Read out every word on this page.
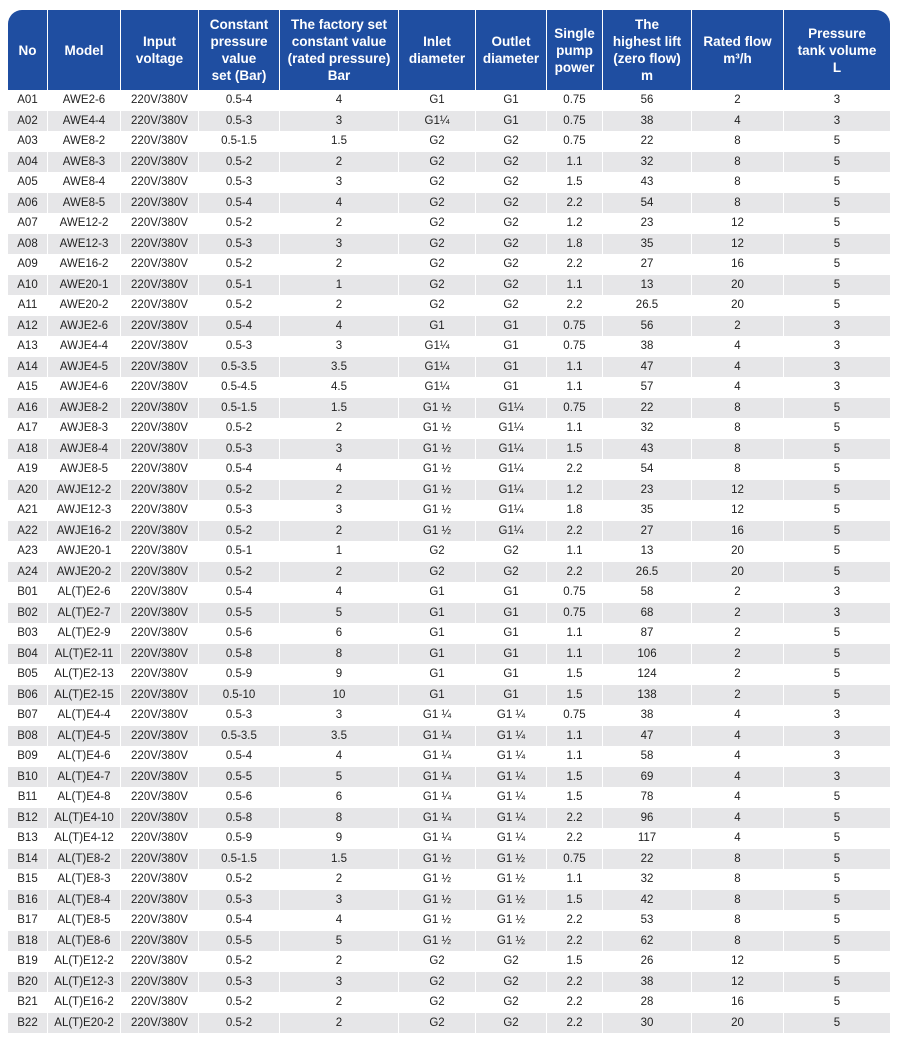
No	Model	Input
voltage	Constant
pressure
value
set (Bar)	The factory set
constant value
(rated pressure)
Bar	Inlet
diameter	Outlet
diameter	Single
pump
power	The
highest lift
(zero flow)
m	Rated flow
m³/h	Pressure
tank volume
L

A01	AWE2-6	220V/380V	0.5-4	4	G1	G1	0.75	56	2	3
A02	AWE4-4	220V/380V	0.5-3	3	G1¼	G1	0.75	38	4	3
A03	AWE8-2	220V/380V	0.5-1.5	1.5	G2	G2	0.75	22	8	5
A04	AWE8-3	220V/380V	0.5-2	2	G2	G2	1.1	32	8	5
A05	AWE8-4	220V/380V	0.5-3	3	G2	G2	1.5	43	8	5
A06	AWE8-5	220V/380V	0.5-4	4	G2	G2	2.2	54	8	5
A07	AWE12-2	220V/380V	0.5-2	2	G2	G2	1.2	23	12	5
A08	AWE12-3	220V/380V	0.5-3	3	G2	G2	1.8	35	12	5
A09	AWE16-2	220V/380V	0.5-2	2	G2	G2	2.2	27	16	5
A10	AWE20-1	220V/380V	0.5-1	1	G2	G2	1.1	13	20	5
A11	AWE20-2	220V/380V	0.5-2	2	G2	G2	2.2	26.5	20	5
A12	AWJE2-6	220V/380V	0.5-4	4	G1	G1	0.75	56	2	3
A13	AWJE4-4	220V/380V	0.5-3	3	G1¼	G1	0.75	38	4	3
A14	AWJE4-5	220V/380V	0.5-3.5	3.5	G1¼	G1	1.1	47	4	3
A15	AWJE4-6	220V/380V	0.5-4.5	4.5	G1¼	G1	1.1	57	4	3
A16	AWJE8-2	220V/380V	0.5-1.5	1.5	G1 ½	G1¼	0.75	22	8	5
A17	AWJE8-3	220V/380V	0.5-2	2	G1 ½	G1¼	1.1	32	8	5
A18	AWJE8-4	220V/380V	0.5-3	3	G1 ½	G1¼	1.5	43	8	5
A19	AWJE8-5	220V/380V	0.5-4	4	G1 ½	G1¼	2.2	54	8	5
A20	AWJE12-2	220V/380V	0.5-2	2	G1 ½	G1¼	1.2	23	12	5
A21	AWJE12-3	220V/380V	0.5-3	3	G1 ½	G1¼	1.8	35	12	5
A22	AWJE16-2	220V/380V	0.5-2	2	G1 ½	G1¼	2.2	27	16	5
A23	AWJE20-1	220V/380V	0.5-1	1	G2	G2	1.1	13	20	5
A24	AWJE20-2	220V/380V	0.5-2	2	G2	G2	2.2	26.5	20	5
B01	AL(T)E2-6	220V/380V	0.5-4	4	G1	G1	0.75	58	2	3
B02	AL(T)E2-7	220V/380V	0.5-5	5	G1	G1	0.75	68	2	3
B03	AL(T)E2-9	220V/380V	0.5-6	6	G1	G1	1.1	87	2	5
B04	AL(T)E2-11	220V/380V	0.5-8	8	G1	G1	1.1	106	2	5
B05	AL(T)E2-13	220V/380V	0.5-9	9	G1	G1	1.5	124	2	5
B06	AL(T)E2-15	220V/380V	0.5-10	10	G1	G1	1.5	138	2	5
B07	AL(T)E4-4	220V/380V	0.5-3	3	G1 ¼	G1 ¼	0.75	38	4	3
B08	AL(T)E4-5	220V/380V	0.5-3.5	3.5	G1 ¼	G1 ¼	1.1	47	4	3
B09	AL(T)E4-6	220V/380V	0.5-4	4	G1 ¼	G1 ¼	1.1	58	4	3
B10	AL(T)E4-7	220V/380V	0.5-5	5	G1 ¼	G1 ¼	1.5	69	4	3
B11	AL(T)E4-8	220V/380V	0.5-6	6	G1 ¼	G1 ¼	1.5	78	4	5
B12	AL(T)E4-10	220V/380V	0.5-8	8	G1 ¼	G1 ¼	2.2	96	4	5
B13	AL(T)E4-12	220V/380V	0.5-9	9	G1 ¼	G1 ¼	2.2	117	4	5
B14	AL(T)E8-2	220V/380V	0.5-1.5	1.5	G1 ½	G1 ½	0.75	22	8	5
B15	AL(T)E8-3	220V/380V	0.5-2	2	G1 ½	G1 ½	1.1	32	8	5
B16	AL(T)E8-4	220V/380V	0.5-3	3	G1 ½	G1 ½	1.5	42	8	5
B17	AL(T)E8-5	220V/380V	0.5-4	4	G1 ½	G1 ½	2.2	53	8	5
B18	AL(T)E8-6	220V/380V	0.5-5	5	G1 ½	G1 ½	2.2	62	8	5
B19	AL(T)E12-2	220V/380V	0.5-2	2	G2	G2	1.5	26	12	5
B20	AL(T)E12-3	220V/380V	0.5-3	3	G2	G2	2.2	38	12	5
B21	AL(T)E16-2	220V/380V	0.5-2	2	G2	G2	2.2	28	16	5
B22	AL(T)E20-2	220V/380V	0.5-2	2	G2	G2	2.2	30	20	5
